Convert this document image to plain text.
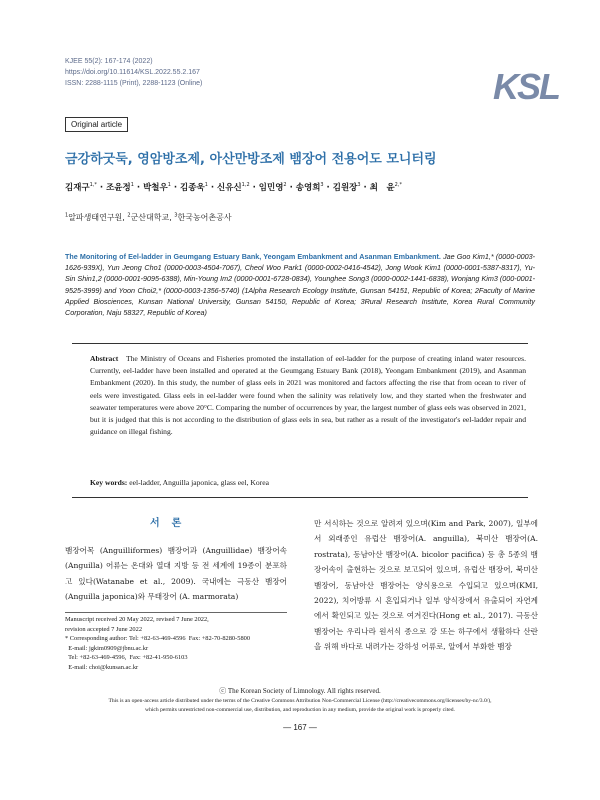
KJEE 55(2): 167-174 (2022)
https://doi.org/10.11614/KSL.2022.55.2.167
ISSN: 2288-1115 (Print), 2288-1123 (Online)	KSL
Original article
금강하굿둑, 영암방조제, 아산만방조제 뱀장어 전용어도 모니터링
김재구$^{1,*}$ · 조윤정$^1$ · 박철우$^1$ · 김종욱$^1$ · 신유신$^{1,2}$ · 임민영$^2$ · 송영희$^3$ · 김원장$^3$ · 최　윤$^{2,*}$
$^1$알파생태연구원, $^2$군산대학교, $^3$한국농어촌공사
The Monitoring of Eel-ladder in Geumgang Estuary Bank, Yeongam Embankment and Asanman Embankment. Jae Goo Kim1,* (0000-0003-1626-939X), Yun Jeong Cho1 (0000-0003-4504-7067), Cheol Woo Park1 (0000-0002-0416-4542), Jong Wook Kim1 (0000-0001-5387-8317), Yu-Sin Shin1,2 (0000-0001-9095-6388), Min-Young Im2 (0000-0001-6728-0834), Younghee Song3 (0000-0002-1441-6838), Wonjang Kim3 (000-0001-9525-3999) and Yoon Choi2,* (0000-0003-1356-5740) (1Alpha Research Ecology Institute, Gunsan 54151, Republic of Korea; 2Faculty of Marine Applied Biosciences, Kunsan National University, Gunsan 54150, Republic of Korea; 3Rural Research Institute, Korea Rural Community Corporation, Naju 58327, Republic of Korea)
Abstract The Ministry of Oceans and Fisheries promoted the installation of eel-ladder for the purpose of creating inland water resources. Currently, eel-ladder have been installed and operated at the Geumgang Estuary Bank (2018), Yeongam Embankment (2019), and Asanman Embankment (2020). In this study, the number of glass eels in 2021 was monitored and factors affecting the rise that from ocean to river of eels were investigated. Glass eels in eel-ladder were found when the salinity was relatively low, and they started when the freshwater and seawater temperatures were above 20°C. Comparing the number of occurrences by year, the largest number of glass eels was observed in 2021, but it is judged that this is not according to the distribution of glass eels in sea, but rather as a result of the investigator's eel-ladder repair and guidance on illegal fishing.
Key words: eel-ladder, Anguilla japonica, glass eel, Korea
서론
뱀장어목 (Anguilliformes) 뱀장어과 (Anguillidae) 뱀장어속(Anguilla) 어류는 온대와 열대 지방 등 전 세계에 19종이 분포하고 있다(Watanabe et al., 2009). 국내에는 극동산 뱀장어(Anguilla japonica)와 무태장어 (A. marmorata)
만 서식하는 것으로 알려져 있으며(Kim and Park, 2007), 일부에서 외래종인 유럽산 뱀장어(A. anguilla), 북미산 뱀장어(A. rostrata), 동남아산 뱀장어(A. bicolor pacifica) 등 총 5종의 뱀장어속이 출현하는 것으로 보고되어 있으며, 유럽산 뱀장어, 북미산 뱀장어, 동남아산 뱀장어는 양식용으로 수입되고 있으며(KMI, 2022), 치어방류 시 혼입되거나 일부 양식장에서 유출되어 자연계에서 확인되고 있는 것으로 여겨진다(Hong et al., 2017). 극동산 뱀장어는 우리나라 원서식 종으로 강 또는 하구에서 생활하다 산란을 위해 바다로 내려가는 강하성 어류로, 알에서 부화한 뱀장
Manuscript received 20 May 2022, revised 7 June 2022,
revision accepted 7 June 2022
* Corresponding author: Tel: +82-63-469-4596  Fax: +82-70-8280-5800
E-mail: jgkim0909@jbnu.ac.kr
Tel: +82-63-469-4596,  Fax: +82-41-950-6103
E-mail: choi@kunsan.ac.kr
ⓒ The Korean Society of Limnology. All rights reserved.
This is an open-access article distributed under the terms of the Creative Commons Attribution Non-Commercial License (http://creativecommons.org/licenses/by-nc/3.0/),
which permits unrestricted non-commercial use, distribution, and reproduction in any medium, provide the original work is properly cited.
― 167 ―
